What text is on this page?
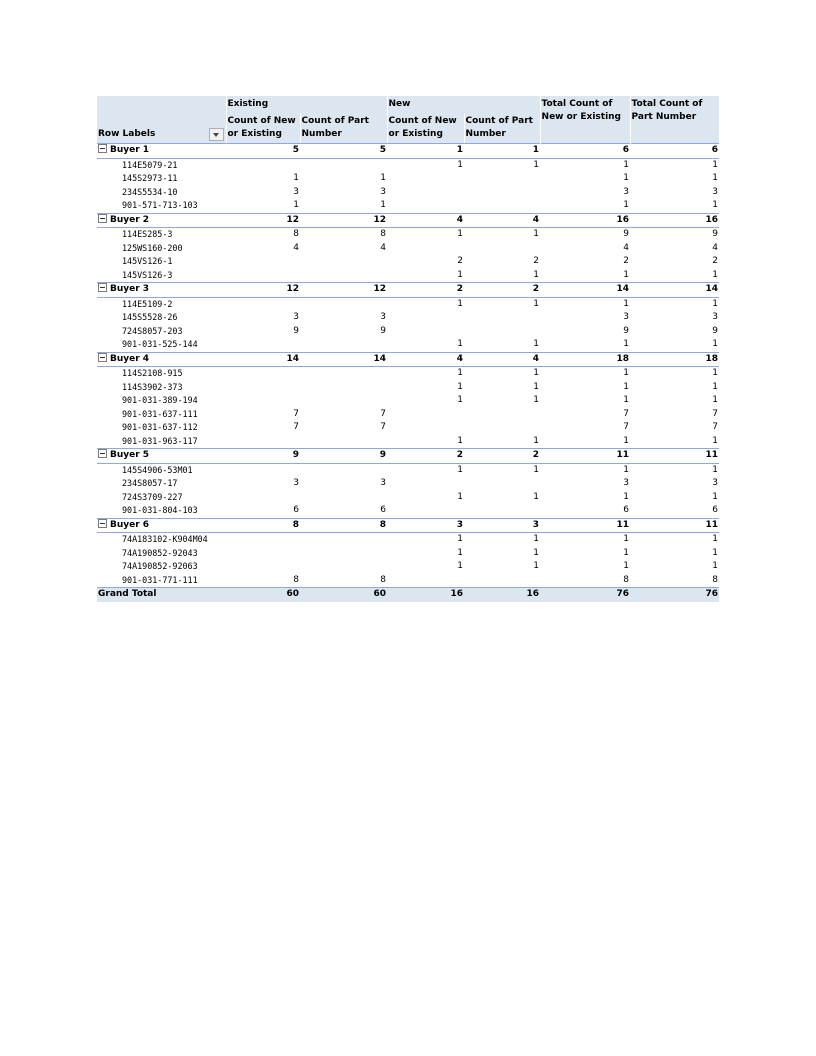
	Existing		New		Total Count of New or Existing	Total Count of Part Number

Row Labels	Count of New or Existing	Count of Part Number	Count of New or Existing	Count of Part Number		
Buyer 1	5	5	1	1	6	6
114E5079-21			1	1	1	1
145S2973-11	1	1			1	1
234S5534-10	3	3			3	3
901-571-713-103	1	1			1	1
Buyer 2	12	12	4	4	16	16
114ES285-3	8	8	1	1	9	9
125WS160-200	4	4			4	4
145VS126-1			2	2	2	2
145VS126-3			1	1	1	1
Buyer 3	12	12	2	2	14	14
114E5109-2			1	1	1	1
145S5528-26	3	3			3	3
724S8057-203	9	9			9	9
901-031-525-144			1	1	1	1
Buyer 4	14	14	4	4	18	18
114S2108-915			1	1	1	1
114S3902-373			1	1	1	1
901-031-389-194			1	1	1	1
901-031-637-111	7	7			7	7
901-031-637-112	7	7			7	7
901-031-963-117			1	1	1	1
Buyer 5	9	9	2	2	11	11
145S4906-53M01			1	1	1	1
234S8057-17	3	3			3	3
724S3709-227			1	1	1	1
901-031-804-103	6	6			6	6
Buyer 6	8	8	3	3	11	11
74A183102-K904M04			1	1	1	1
74A190852-92043			1	1	1	1
74A190852-92063			1	1	1	1
901-031-771-111	8	8			8	8
Grand Total	60	60	16	16	76	76
